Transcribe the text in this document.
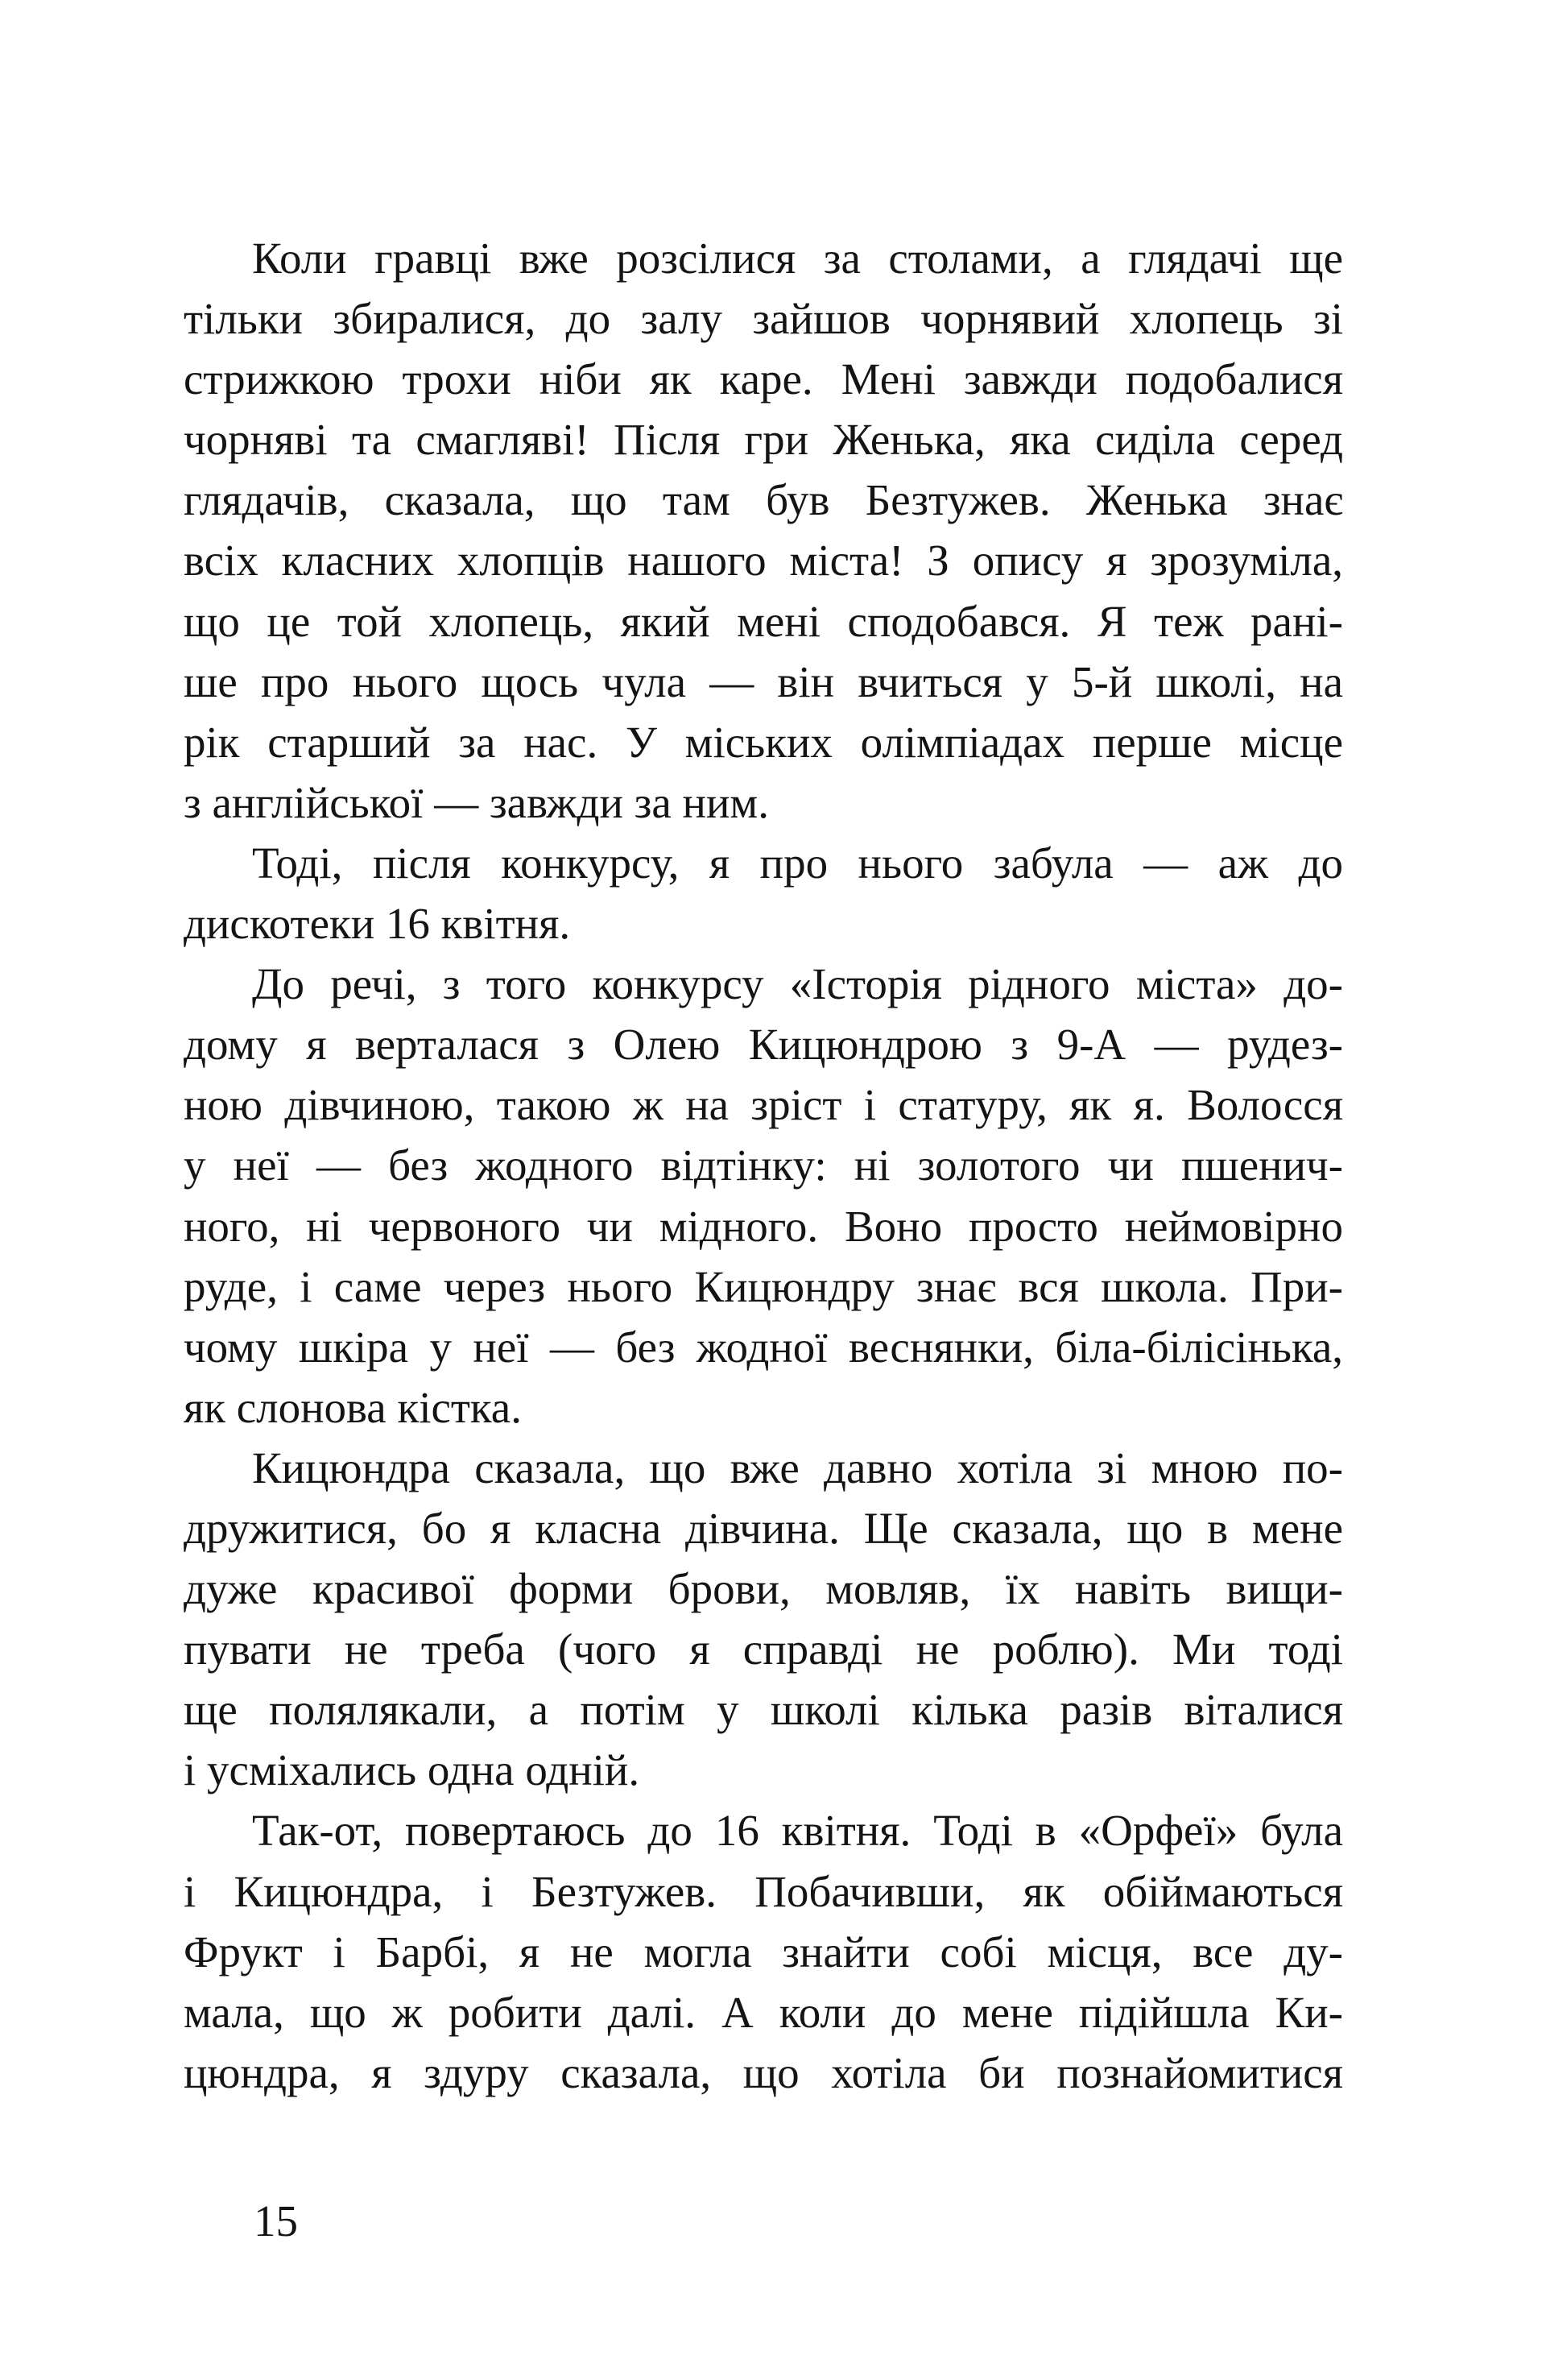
Коли гравці вже розсілися за столами, а глядачі ще
тільки збиралися, до залу зайшов чорнявий хлопець зі
стрижкою трохи ніби як каре. Мені завжди подобалися
чорняві та смагляві! Після гри Женька, яка сиділа серед
глядачів, сказала, що там був Безтужев. Женька знає
всіх класних хлопців нашого міста! З опису я зрозуміла,
що це той хлопець, який мені сподобався. Я теж рані-
ше про нього щось чула — він вчиться у 5-й школі, на
рік старший за нас. У міських олімпіадах перше місце
з англійської — завжди за ним.
Тоді, після конкурсу, я про нього забула — аж до
дискотеки 16 квітня.
До речі, з того конкурсу «Історія рідного міста» до-
дому я верталася з Олею Кицюндрою з 9-А — рудез-
ною дівчиною, такою ж на зріст і статуру, як я. Волосся
у неї — без жодного відтінку: ні золотого чи пшенич-
ного, ні червоного чи мідного. Воно просто неймовірно
руде, і саме через нього Кицюндру знає вся школа. При-
чому шкіра у неї — без жодної веснянки, біла-білісінька,
як слонова кістка.
Кицюндра сказала, що вже давно хотіла зі мною по-
дружитися, бо я класна дівчина. Ще сказала, що в мене
дуже красивої форми брови, мовляв, їх навіть вищи-
пувати не треба (чого я справді не роблю). Ми тоді
ще полялякали, а потім у школі кілька разів віталися
і усміхались одна одній.
Так-от, повертаюсь до 16 квітня. Тоді в «Орфеї» була
і Кицюндра, і Безтужев. Побачивши, як обіймаються
Фрукт і Барбі, я не могла знайти собі місця, все ду-
мала, що ж робити далі. А коли до мене підійшла Ки-
цюндра, я здуру сказала, що хотіла би познайомитися
15
